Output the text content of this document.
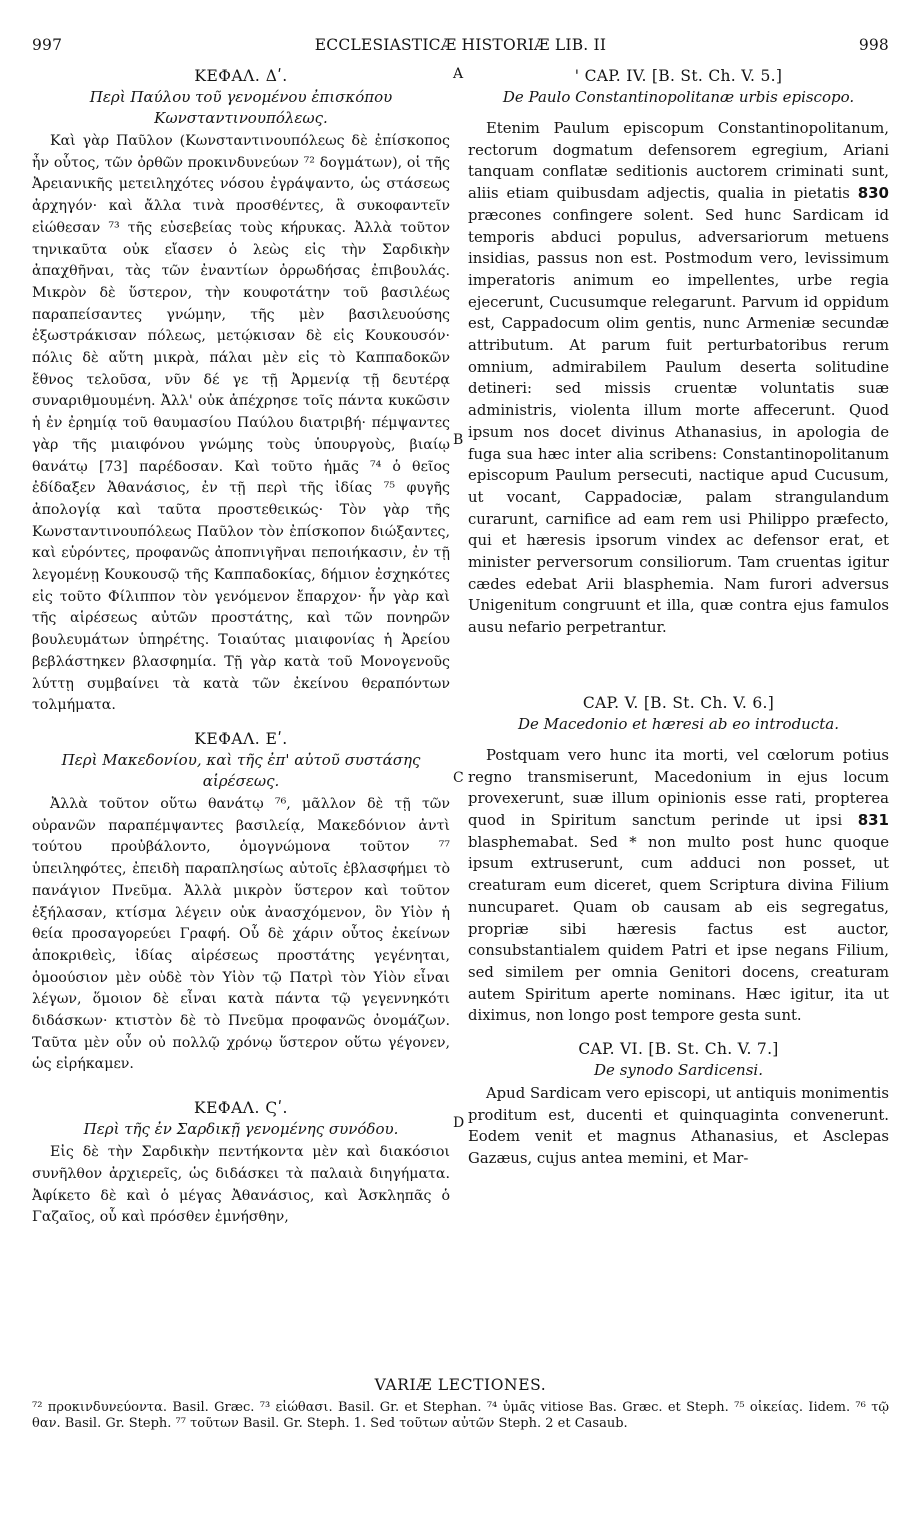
997	ECCLESIASTICÆ HISTORIÆ LIB. II	998

ΚΕΦΑΛ. Δʹ.

Περὶ Παύλου τοῦ γενομένου ἐπισκόπου Κωνσταντινουπόλεως.

Καὶ γὰρ Παῦλον (Κωνσταντινουπόλεως δὲ ἐπίσκοπος ἦν οὗτος, τῶν ὀρθῶν προκινδυνεύων ⁷² δογμάτων), οἱ τῆς Ἀρειανικῆς μετειληχότες νόσου ἐγράψαντο, ὡς στάσεως ἀρχηγόν· καὶ ἄλλα τινὰ προσθέντες, ἃ συκοφαντεῖν εἰώθεσαν ⁷³ τῆς εὐσεβείας τοὺς κήρυκας. Ἀλλὰ τοῦτον τηνικαῦτα οὐκ εἴασεν ὁ λεὼς εἰς τὴν Σαρδικὴν ἀπαχθῆναι, τὰς τῶν ἐναντίων ὀρρωδήσας ἐπιβουλάς. Μικρὸν δὲ ὕστερον, τὴν κουφοτάτην τοῦ βασιλέως παραπείσαντες γνώμην, τῆς μὲν βασιλευούσης ἐξωστράκισαν πόλεως, μετῴκισαν δὲ εἰς Κουκουσόν· πόλις δὲ αὕτη μικρὰ, πάλαι μὲν εἰς τὸ Καππαδοκῶν ἔθνος τελοῦσα, νῦν δέ γε τῇ Ἀρμενίᾳ τῇ δευτέρᾳ συναριθμουμένη. Ἀλλ' οὐκ ἀπέχρησε τοῖς πάντα κυκῶσιν ἡ ἐν ἐρημίᾳ τοῦ θαυμασίου Παύλου διατριβή· πέμψαντες γὰρ τῆς μιαιφόνου γνώμης τοὺς ὑπουργοὺς, βιαίῳ θανάτῳ [73] παρέδοσαν. Καὶ τοῦτο ἡμᾶς ⁷⁴ ὁ θεῖος ἐδίδαξεν Ἀθανάσιος, ἐν τῇ περὶ τῆς ἰδίας ⁷⁵ φυγῆς ἀπολογίᾳ καὶ ταῦτα προστεθεικώς· Τὸν γὰρ τῆς Κωνσταντινουπόλεως Παῦλον τὸν ἐπίσκοπον διώξαντες, καὶ εὑρόντες, προφανῶς ἀποπνιγῆναι πεποιήκασιν, ἐν τῇ λεγομένῃ Κουκουσῷ τῆς Καππαδοκίας, δήμιον ἐσχηκότες εἰς τοῦτο Φίλιππον τὸν γενόμενον ἔπαρχον· ἦν γὰρ καὶ τῆς αἱρέσεως αὐτῶν προστάτης, καὶ τῶν πονηρῶν βουλευμάτων ὑπηρέτης. Τοιαύτας μιαιφονίας ἡ Ἀρείου βεβλάστηκεν βλασφημία. Τῇ γὰρ κατὰ τοῦ Μονογενοῦς λύττῃ συμβαίνει τὰ κατὰ τῶν ἐκείνου θεραπόντων τολμήματα.

ΚΕΦΑΛ. Εʹ.

Περὶ Μακεδονίου, καὶ τῆς ἐπ' αὐτοῦ συστάσης αἱρέσεως.

Ἀλλὰ τοῦτον οὕτω θανάτῳ ⁷⁶, μᾶλλον δὲ τῇ τῶν οὐρανῶν παραπέμψαντες βασιλείᾳ, Μακεδόνιον ἀντὶ τούτου προὐβάλοντο, ὁμογνώμονα τοῦτον ⁷⁷ ὑπειληφότες, ἐπειδὴ παραπλησίως αὐτοῖς ἐβλασφήμει τὸ πανάγιον Πνεῦμα. Ἀλλὰ μικρὸν ὕστερον καὶ τοῦτον ἐξήλασαν, κτίσμα λέγειν οὐκ ἀνασχόμενον, ὃν Υἱὸν ἡ θεία προσαγορεύει Γραφή. Οὗ δὲ χάριν οὗτος ἐκείνων ἀποκριθεὶς, ἰδίας αἱρέσεως προστάτης γεγένηται, ὁμοούσιον μὲν οὐδὲ τὸν Υἱὸν τῷ Πατρὶ τὸν Υἱὸν εἶναι λέγων, ὅμοιον δὲ εἶναι κατὰ πάντα τῷ γεγεννηκότι διδάσκων· κτιστὸν δὲ τὸ Πνεῦμα προφανῶς ὀνομάζων. Ταῦτα μὲν οὖν οὐ πολλῷ χρόνῳ ὕστερον οὕτω γέγονεν, ὡς εἰρήκαμεν.

ΚΕΦΑΛ. Ϛʹ.

Περὶ τῆς ἐν Σαρδικῇ γενομένης συνόδου.

Εἰς δὲ τὴν Σαρδικὴν πεντήκοντα μὲν καὶ διακόσιοι συνῆλθον ἀρχιερεῖς, ὡς διδάσκει τὰ παλαιὰ διηγήματα. Ἀφίκετο δὲ καὶ ὁ μέγας Ἀθανάσιος, καὶ Ἀσκληπᾶς ὁ Γαζαῖος, οὗ καὶ πρόσθεν ἐμνήσθην,

A
B
C
D

' CAP. IV. [B. St. Ch. V. 5.]

De Paulo Constantinopolitanæ urbis episcopo.

Etenim Paulum episcopum Constantinopolitanum, rectorum dogmatum defensorem egregium, Ariani tanquam conflatæ seditionis auctorem criminati sunt, aliis etiam quibusdam adjectis, qualia in pietatis 830 præcones confingere solent. Sed hunc Sardicam id temporis abduci populus, adversariorum metuens insidias, passus non est. Postmodum vero, levissimum imperatoris animum eo impellentes, urbe regia ejecerunt, Cucusumque relegarunt. Parvum id oppidum est, Cappadocum olim gentis, nunc Armeniæ secundæ attributum. At parum fuit perturbatoribus rerum omnium, admirabilem Paulum deserta solitudine detineri: sed missis cruentæ voluntatis suæ administris, violenta illum morte affecerunt. Quod ipsum nos docet divinus Athanasius, in apologia de fuga sua hæc inter alia scribens: Constantinopolitanum episcopum Paulum persecuti, nactique apud Cucusum, ut vocant, Cappadociæ, palam strangulandum curarunt, carnifice ad eam rem usi Philippo præfecto, qui et hæresis ipsorum vindex ac defensor erat, et minister perversorum consiliorum. Tam cruentas igitur cædes edebat Arii blasphemia. Nam furori adversus Unigenitum congruunt et illa, quæ contra ejus famulos ausu nefario perpetrantur.

CAP. V. [B. St. Ch. V. 6.]

De Macedonio et hæresi ab eo introducta.

Postquam vero hunc ita morti, vel cœlorum potius regno transmiserunt, Macedonium in ejus locum provexerunt, suæ illum opinionis esse rati, propterea quod in Spiritum sanctum perinde ut ipsi 831 blasphemabat. Sed * non multo post hunc quoque ipsum extruserunt, cum adduci non posset, ut creaturam eum diceret, quem Scriptura divina Filium nuncuparet. Quam ob causam ab eis segregatus, propriæ sibi hæresis factus est auctor, consubstantialem quidem Patri et ipse negans Filium, sed similem per omnia Genitori docens, creaturam autem Spiritum aperte nominans. Hæc igitur, ita ut diximus, non longo post tempore gesta sunt.

CAP. VI. [B. St. Ch. V. 7.]

De synodo Sardicensi.

Apud Sardicam vero episcopi, ut antiquis monimentis proditum est, ducenti et quinquaginta convenerunt. Eodem venit et magnus Athanasius, et Asclepas Gazæus, cujus antea memini, et Mar-

VARIÆ LECTIONES.

⁷² προκινδυνεύοντα. Basil. Græc. ⁷³ εἰώθασι. Basil. Gr. et Stephan. ⁷⁴ ὑμᾶς vitiose Bas. Græc. et Steph. ⁷⁵ οἰκείας. Iidem. ⁷⁶ τῷ θαν. Basil. Gr. Steph. ⁷⁷ τοῦτων Basil. Gr. Steph. 1. Sed τοῦτων αὐτῶν Steph. 2 et Casaub.
